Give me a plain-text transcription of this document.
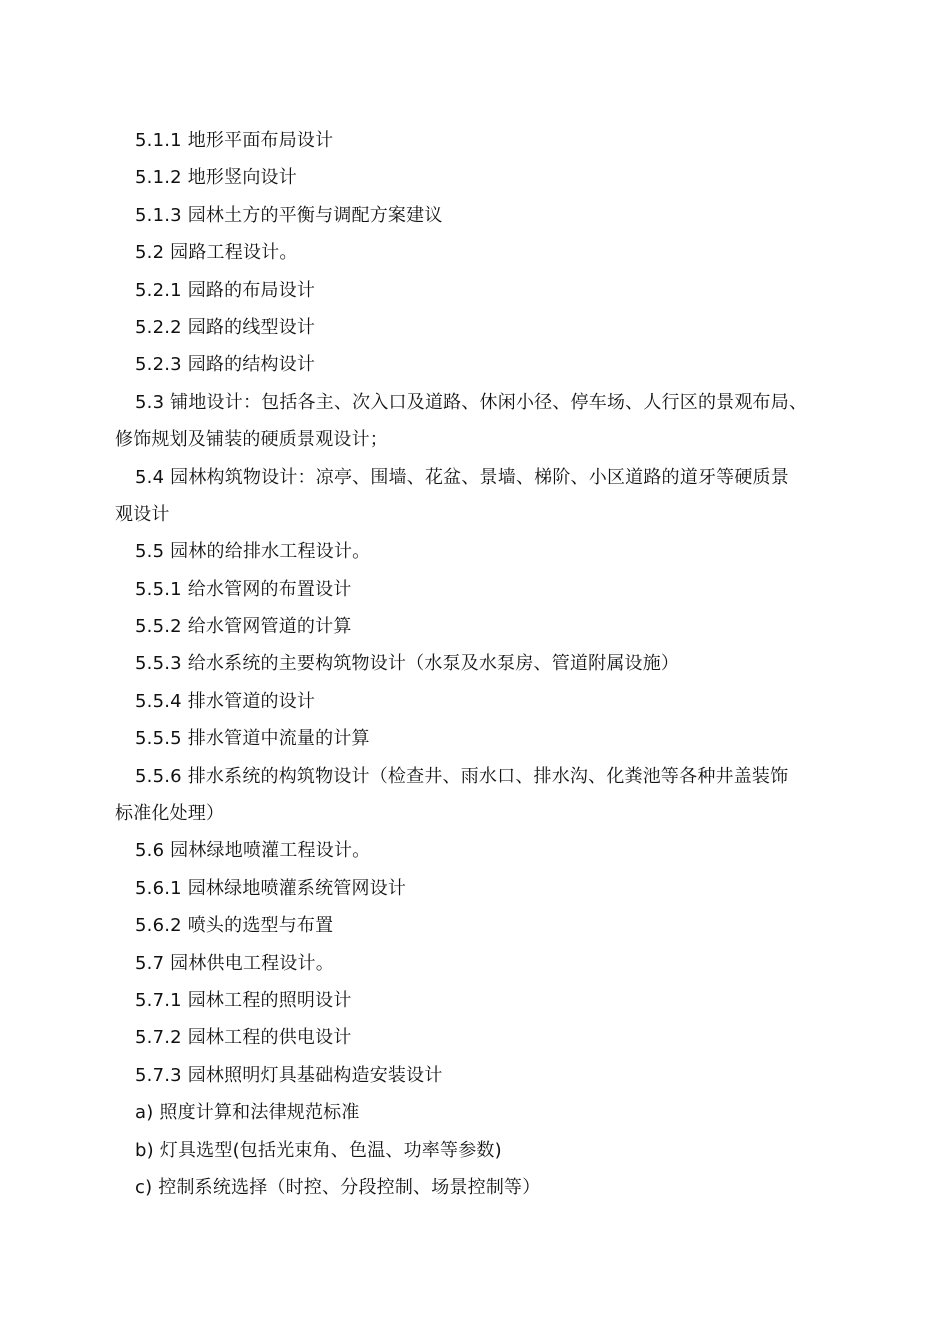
5.1.1 地形平面布局设计
5.1.2 地形竖向设计
5.1.3 园林土方的平衡与调配方案建议
5.2 园路工程设计。
5.2.1 园路的布局设计
5.2.2 园路的线型设计
5.2.3 园路的结构设计
5.3 铺地设计：包括各主、次入口及道路、休闲小径、停车场、人行区的景观布局、
修饰规划及铺装的硬质景观设计；
5.4 园林构筑物设计：凉亭、围墙、花盆、景墙、梯阶、小区道路的道牙等硬质景
观设计
5.5 园林的给排水工程设计。
5.5.1 给水管网的布置设计
5.5.2 给水管网管道的计算
5.5.3 给水系统的主要构筑物设计（水泵及水泵房、管道附属设施）
5.5.4 排水管道的设计
5.5.5 排水管道中流量的计算
5.5.6 排水系统的构筑物设计（检查井、雨水口、排水沟、化粪池等各种井盖装饰
标准化处理）
5.6 园林绿地喷灌工程设计。
5.6.1 园林绿地喷灌系统管网设计
5.6.2 喷头的选型与布置
5.7 园林供电工程设计。
5.7.1 园林工程的照明设计
5.7.2 园林工程的供电设计
5.7.3 园林照明灯具基础构造安装设计
a) 照度计算和法律规范标准
b) 灯具选型(包括光束角、色温、功率等参数)
c) 控制系统选择（时控、分段控制、场景控制等）
